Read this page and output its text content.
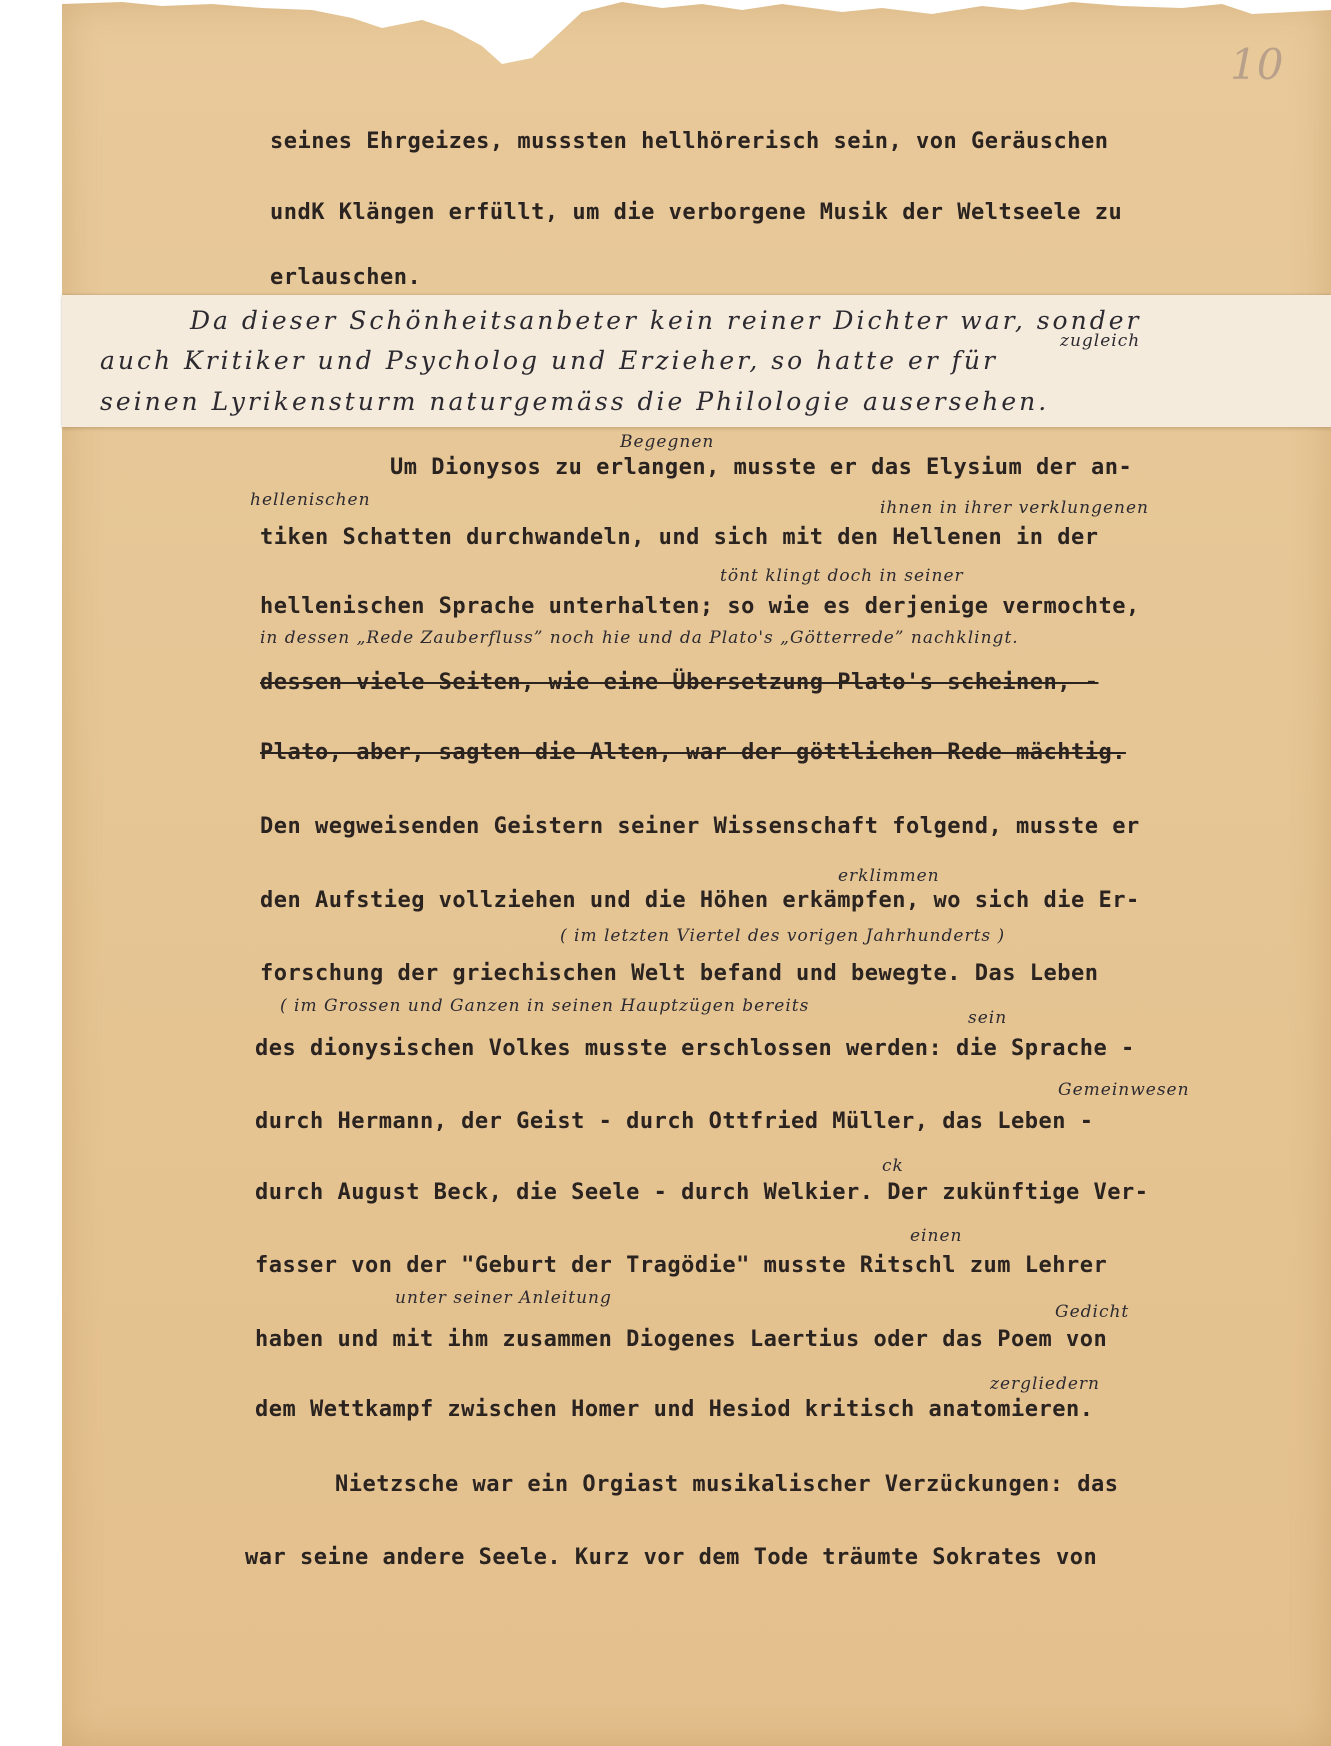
10
Da dieser Schönheitsanbeter kein reiner Dichter war, sonder
auch Kritiker und Psycholog und Erzieher, so hatte er für
seinen Lyrikensturm naturgemäss die Philologie ausersehen.
zugleich
seines Ehrgeizes, musssten hellhörerisch sein, von Geräuschen
undK Klängen erfüllt, um die verborgene Musik der Weltseele zu
erlauschen.
Begegnen
Um Dionysos zu erlangen, musste er das Elysium der an-
hellenischen	ihnen in ihrer verklungenen
tiken Schatten durchwandeln, und sich mit den Hellenen in der
tönt klingt doch in seiner
hellenischen Sprache unterhalten; so wie es derjenige vermochte,
in dessen „Rede Zauberfluss” noch hie und da Plato's „Götterrede” nachklingt.
dessen viele Seiten, wie eine Übersetzung Plato's scheinen, -
Plato, aber, sagten die Alten, war der göttlichen Rede mächtig.
Den wegweisenden Geistern seiner Wissenschaft folgend, musste er
erklimmen
den Aufstieg vollziehen und die Höhen erkämpfen, wo sich die Er-
( im letzten Viertel des vorigen Jahrhunderts )
forschung der griechischen Welt befand und bewegte. Das Leben
( im Grossen und Ganzen in seinen Hauptzügen bereits
sein
des dionysischen Volkes musste erschlossen werden: die Sprache -
Gemeinwesen
durch Hermann, der Geist - durch Ottfried Müller, das Leben -
ck
durch August Beck, die Seele - durch Welkier. Der zukünftige Ver-
einen
fasser von der "Geburt der Tragödie" musste Ritschl zum Lehrer
unter seiner Anleitung
Gedicht
haben und mit ihm zusammen Diogenes Laertius oder das Poem von
zergliedern
dem Wettkampf zwischen Homer und Hesiod kritisch anatomieren.
Nietzsche war ein Orgiast musikalischer Verzückungen: das
war seine andere Seele. Kurz vor dem Tode träumte Sokrates von
